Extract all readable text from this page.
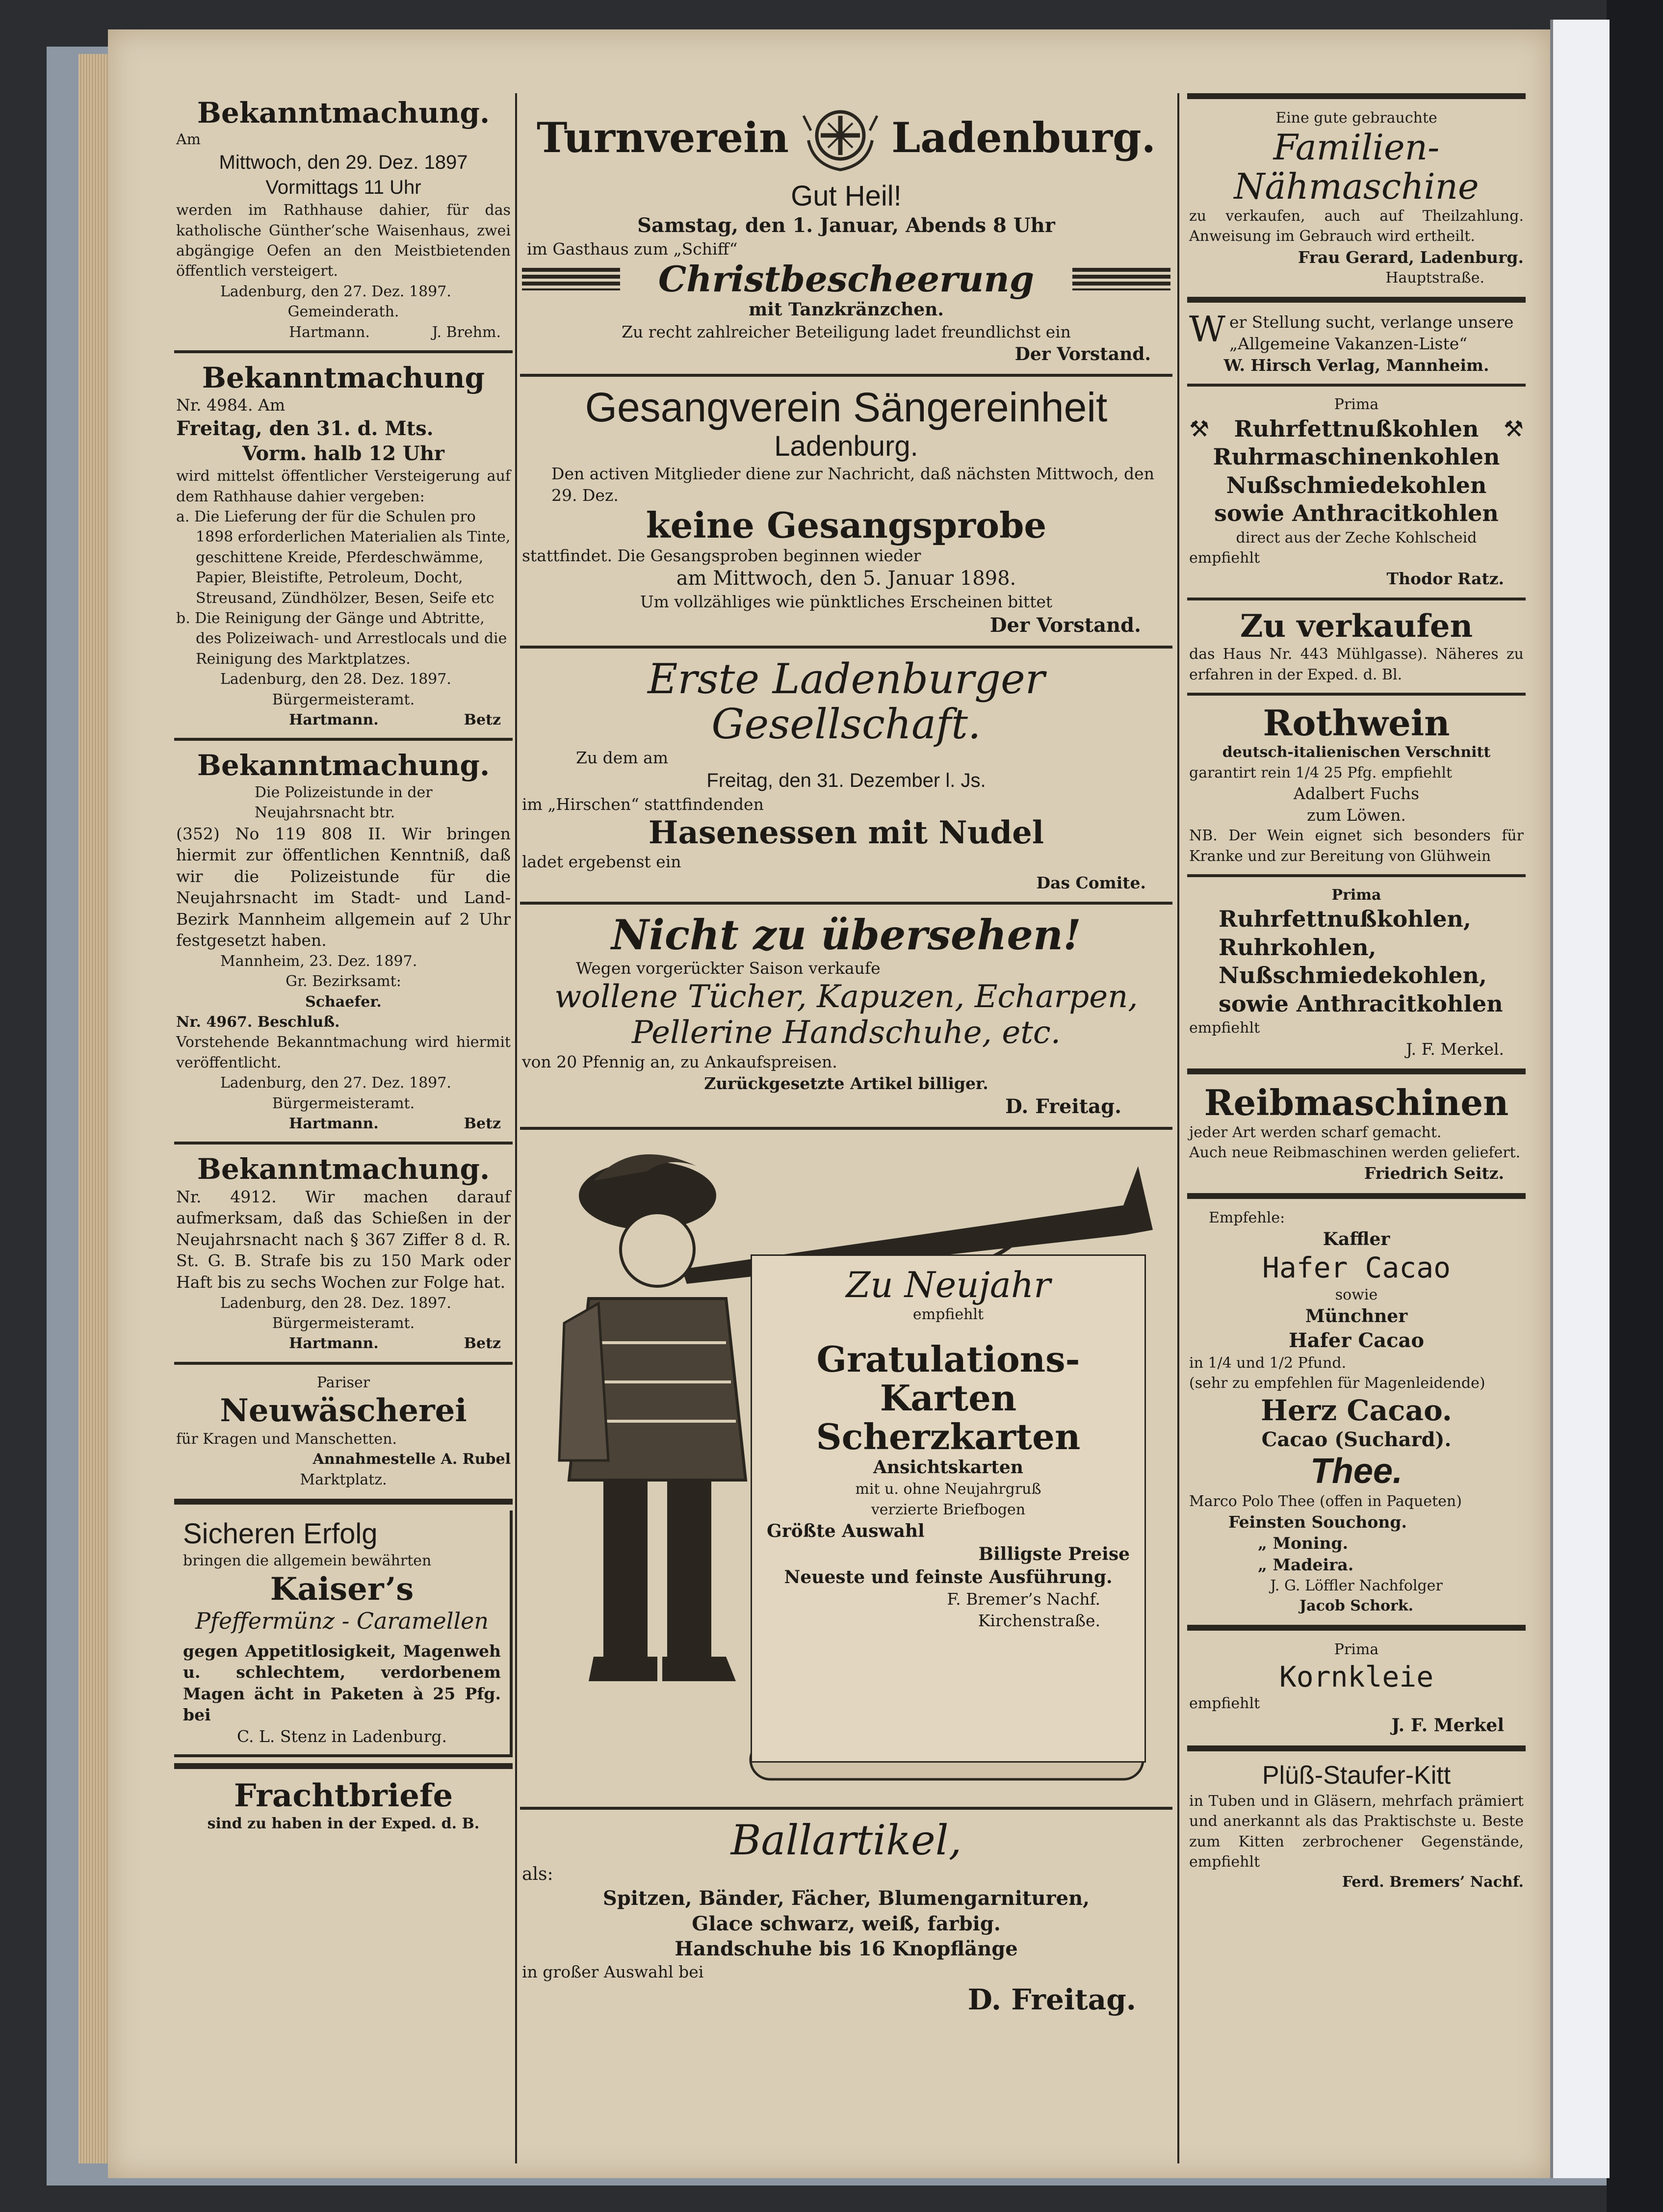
Bekanntmachung.

Am

Mittwoch, den 29. Dez. 1897

Vormittags 11 Uhr

werden im Rathhause dahier, für das katholische Günther’sche Waisenhaus, zwei abgängige Oefen an den Meistbietenden öffentlich versteigert.

Ladenburg, den 27. Dez. 1897.

Gemeinderath.

Hartmann.	J. Brehm.

Bekanntmachung

Nr. 4984. Am

Freitag, den 31. d. Mts.

Vorm. halb 12 Uhr

wird mittelst öffentlicher Versteigerung auf dem Rathhause dahier vergeben:

a. Die Lieferung der für die Schulen pro 1898 erforderlichen Materialien als Tinte, geschittene Kreide, Pferdeschwämme, Papier, Bleistifte, Petroleum, Docht, Streusand, Zündhölzer, Besen, Seife etc

b. Die Reinigung der Gänge und Abtritte, des Polizeiwach- und Arrestlocals und die Reinigung des Marktplatzes.

Ladenburg, den 28. Dez. 1897.

Bürgermeisteramt.

Hartmann.	Betz

Bekanntmachung.

Die Polizeistunde in der Neujahrsnacht btr.

(352) No 119 808 II. Wir bringen hiermit zur öffentlichen Kenntniß, daß wir die Polizeistunde für die Neujahrsnacht im Stadt- und Land-Bezirk Mannheim allgemein auf 2 Uhr festgesetzt haben.

Mannheim, 23. Dez. 1897.

Gr. Bezirksamt:

Schaefer.

Nr. 4967. Beschluß.

Vorstehende Bekanntmachung wird hiermit veröffentlicht.

Ladenburg, den 27. Dez. 1897.

Bürgermeisteramt.

Hartmann.	Betz

Bekanntmachung.

Nr. 4912. Wir machen darauf aufmerksam, daß das Schießen in der Neujahrsnacht nach § 367 Ziffer 8 d. R. St. G. B. Strafe bis zu 150 Mark oder Haft bis zu sechs Wochen zur Folge hat.

Ladenburg, den 28. Dez. 1897.

Bürgermeisteramt.

Hartmann.	Betz

Pariser

Neuwäscherei

für Kragen und Manschetten.

Annahmestelle A. Rubel

Marktplatz.

Sicheren Erfolg

bringen die allgemein bewährten

Kaiser’s

Pfeffermünz - Caramellen

gegen Appetitlosigkeit, Magenweh u. schlechtem, verdorbenem Magen ächt in Paketen à 25 Pfg. bei

C. L. Stenz in Ladenburg.

Frachtbriefe

sind zu haben in der Exped. d. B.

Turnverein Ladenburg.

Gut Heil!

Samstag, den 1. Januar, Abends 8 Uhr

im Gasthaus zum „Schiff“

Christbescheerung

mit Tanzkränzchen.

Zu recht zahlreicher Beteiligung ladet freundlichst ein

Der Vorstand.

Gesangverein Sängereinheit

Ladenburg.

Den activen Mitglieder diene zur Nachricht, daß nächsten Mittwoch, den 29. Dez.

keine Gesangsprobe

stattfindet. Die Gesangsproben beginnen wieder

am Mittwoch, den 5. Januar 1898.

Um vollzähliges wie pünktliches Erscheinen bittet

Der Vorstand.

Erste Ladenburger Gesellschaft.

Zu dem am

Freitag, den 31. Dezember l. Js.

im „Hirschen“ stattfindenden

Hasenessen mit Nudel

ladet ergebenst ein

Das Comite.

Nicht zu übersehen!

Wegen vorgerückter Saison verkaufe

wollene Tücher, Kapuzen, Echarpen,

Pellerine Handschuhe, etc.

von 20 Pfennig an, zu Ankaufspreisen.

Zurückgesetzte Artikel billiger.

D. Freitag.

Zu Neujahr

empfiehlt

Gratulations-Karten

Scherzkarten

Ansichtskarten

mit u. ohne Neujahrgruß

verzierte Briefbogen

Größte Auswahl

Billigste Preise

Neueste und feinste Ausführung.

F. Bremer’s Nachf.

Kirchenstraße.

Ballartikel,

als:

Spitzen, Bänder, Fächer, Blumengarnituren,

Glace schwarz, weiß, farbig.

Handschuhe bis 16 Knopflänge

in großer Auswahl bei

D. Freitag.

Eine gute gebrauchte

Familien-

Nähmaschine

zu verkaufen, auch auf Theilzahlung. Anweisung im Gebrauch wird ertheilt.

Frau Gerard, Ladenburg.

Hauptstraße.

Wer Stellung sucht, verlange unsere „Allgemeine Vakanzen-Liste“

W. Hirsch Verlag, Mannheim.

Prima

⚒ Ruhrfettnußkohlen ⚒

Ruhrmaschinenkohlen

Nußschmiedekohlen

sowie Anthracitkohlen

direct aus der Zeche Kohlscheid

empfiehlt

Thodor Ratz.

Zu verkaufen

das Haus Nr. 443 Mühlgasse). Näheres zu erfahren in der Exped. d. Bl.

Rothwein

deutsch-italienischen Verschnitt

garantirt rein 1/4 25 Pfg. empfiehlt

Adalbert Fuchs

zum Löwen.

NB. Der Wein eignet sich besonders für Kranke und zur Bereitung von Glühwein

Prima

Ruhrfettnußkohlen,

Ruhrkohlen,

Nußschmiedekohlen,

sowie Anthracitkohlen

empfiehlt

J. F. Merkel.

Reibmaschinen

jeder Art werden scharf gemacht.

Auch neue Reibmaschinen werden geliefert.

Friedrich Seitz.

Empfehle:

Kaffler

Hafer Cacao

sowie

Münchner

Hafer Cacao

in 1/4 und 1/2 Pfund.

(sehr zu empfehlen für Magenleidende)

Herz Cacao.

Cacao (Suchard).

Thee.

Marco Polo Thee (offen in Paqueten)

Feinsten Souchong.

„ Moning.

„ Madeira.

J. G. Löffler Nachfolger

Jacob Schork.

Prima

Kornkleie

empfiehlt

J. F. Merkel

Plüß-Staufer-Kitt

in Tuben und in Gläsern, mehrfach prämiert und anerkannt als das Praktischste u. Beste zum Kitten zerbrochener Gegenstände, empfiehlt

Ferd. Bremers’ Nachf.
